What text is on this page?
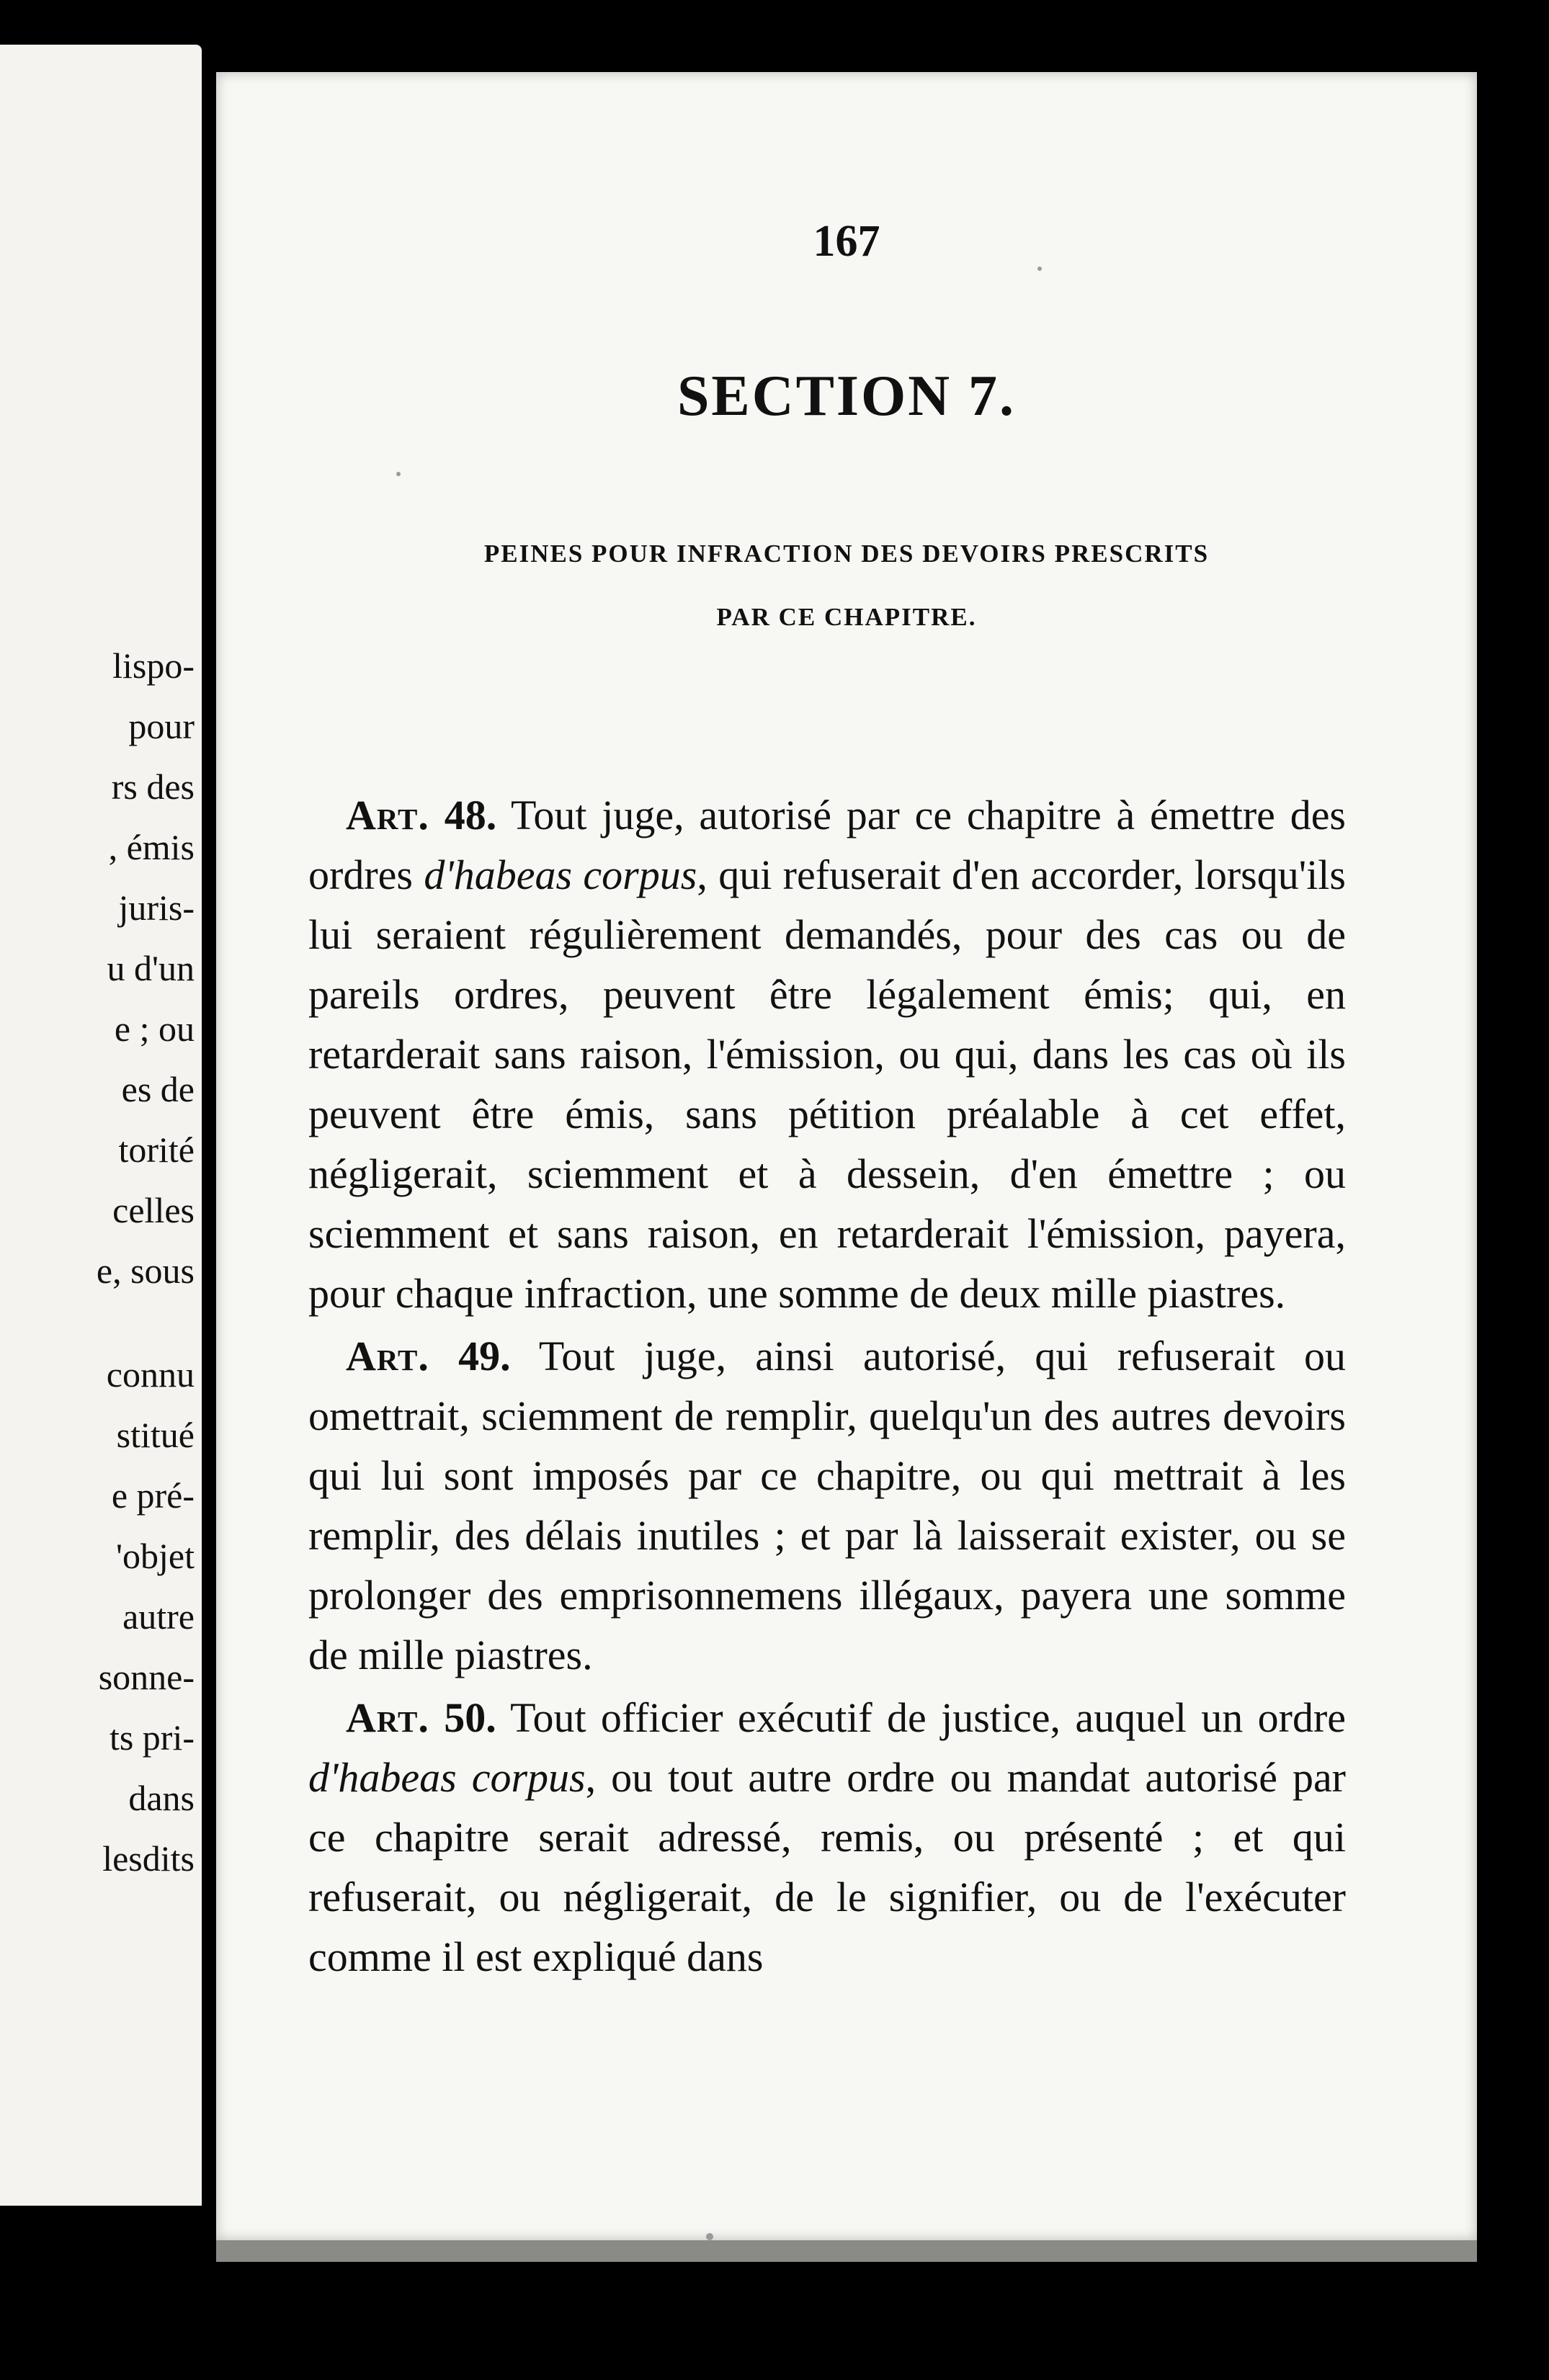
lispo-
pour
rs des
, émis
juris-
u d'un
e ; ou
es de
torité
celles
e, sous
connu
stitué
e pré-
'objet
autre
sonne-
ts pri-
dans
lesdits
167
SECTION 7.
PEINES POUR INFRACTION DES DEVOIRS PRESCRITS
PAR CE CHAPITRE.

Art. 48. Tout juge, autorisé par ce chapitre à émettre des ordres d'habeas corpus, qui refuserait d'en accorder, lorsqu'ils lui seraient régulièrement demandés, pour des cas ou de pareils ordres, peuvent être légalement émis; qui, en retarderait sans raison, l'émission, ou qui, dans les cas où ils peuvent être émis, sans pétition préalable à cet effet, négligerait, sciemment et à dessein, d'en émettre ; ou sciemment et sans raison, en retarderait l'émission, payera, pour chaque infraction, une somme de deux mille piastres.

Art. 49. Tout juge, ainsi autorisé, qui refuserait ou omettrait, sciemment de remplir, quelqu'un des autres devoirs qui lui sont imposés par ce chapitre, ou qui mettrait à les remplir, des délais inutiles ; et par là laisserait exister, ou se prolonger des emprisonnemens illégaux, payera une somme de mille piastres.

Art. 50. Tout officier exécutif de justice, auquel un ordre d'habeas corpus, ou tout autre ordre ou mandat autorisé par ce chapitre serait adressé, remis, ou présenté ; et qui refuserait, ou négligerait, de le signifier, ou de l'exécuter comme il est expliqué dans
